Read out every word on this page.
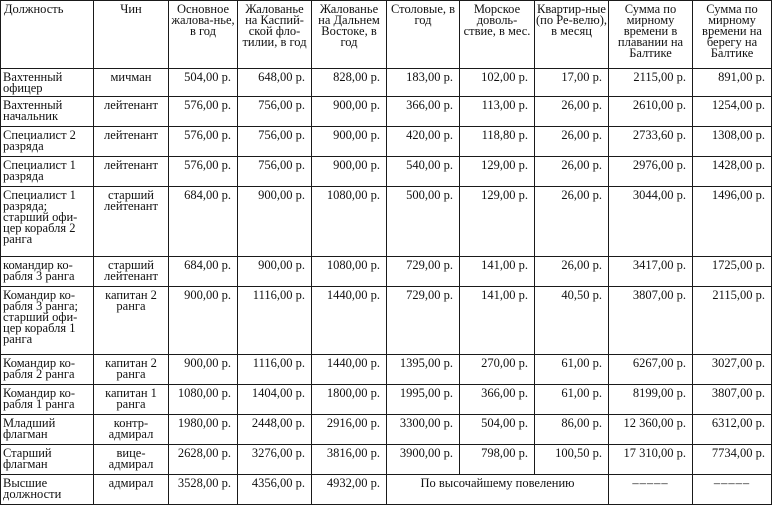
Должность	Чин	Основное жалова-нье, в год	Жалованье на Каспий-ской фло-тилии, в год	Жалованье на Дальнем Востоке, в год	Столовые, в год	Морское доволь-ствие, в мес.	Квартир-ные (по Ре-велю), в месяц	Сумма по мирному времени в плавании на Балтике	Сумма по мирному времени на берегу на Балтике
Вахтенный офицер	мичман	504,00 р.	648,00 р.	828,00 р.	183,00 р.	102,00 р.	17,00 р.	2115,00 р.	891,00 р.
Вахтенный начальник	лейтенант	576,00 р.	756,00 р.	900,00 р.	366,00 р.	113,00 р.	26,00 р.	2610,00 р.	1254,00 р.
Специалист 2 разряда	лейтенант	576,00 р.	756,00 р.	900,00 р.	420,00 р.	118,80 р.	26,00 р.	2733,60 р.	1308,00 р.
Специалист 1 разряда	лейтенант	576,00 р.	756,00 р.	900,00 р.	540,00 р.	129,00 р.	26,00 р.	2976,00 р.	1428,00 р.
Специалист 1 разряда; старший офи-цер корабля 2 ранга	старший лейтенант	684,00 р.	900,00 р.	1080,00 р.	500,00 р.	129,00 р.	26,00 р.	3044,00 р.	1496,00 р.
командир ко-рабля 3 ранга	старший лейтенант	684,00 р.	900,00 р.	1080,00 р.	729,00 р.	141,00 р.	26,00 р.	3417,00 р.	1725,00 р.
Командир ко-рабля 3 ранга; старший офи-цер корабля 1 ранга	капитан 2 ранга	900,00 р.	1116,00 р.	1440,00 р.	729,00 р.	141,00 р.	40,50 р.	3807,00 р.	2115,00 р.
Командир ко-рабля 2 ранга	капитан 2 ранга	900,00 р.	1116,00 р.	1440,00 р.	1395,00 р.	270,00 р.	61,00 р.	6267,00 р.	3027,00 р.
Командир ко-рабля 1 ранга	капитан 1 ранга	1080,00 р.	1404,00 р.	1800,00 р.	1995,00 р.	366,00 р.	61,00 р.	8199,00 р.	3807,00 р.
Младший флагман	контр-адмирал	1980,00 р.	2448,00 р.	2916,00 р.	3300,00 р.	504,00 р.	86,00 р.	12 360,00 р.	6312,00 р.
Старший флагман	вице-адмирал	2628,00 р.	3276,00 р.	3816,00 р.	3900,00 р.	798,00 р.	100,50 р.	17 310,00 р.	7734,00 р.
Высшие должности	адмирал	3528,00 р.	4356,00 р.	4932,00 р.	По высочайшему повелению			–––––	–––––
